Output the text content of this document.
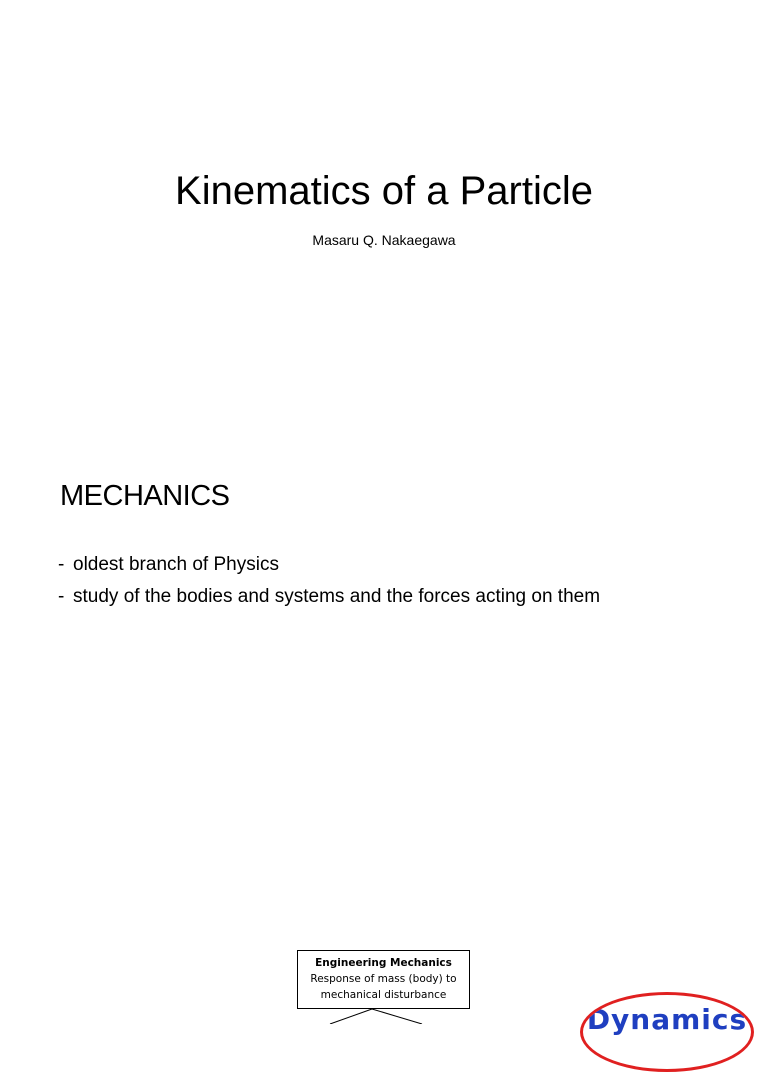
Kinematics of a Particle
Masaru Q. Nakaegawa
MECHANICS
- oldest branch of Physics
- study of the bodies and systems and the forces acting on them
Engineering Mechanics
Response of mass (body) to
mechanical disturbance
Dynamics
